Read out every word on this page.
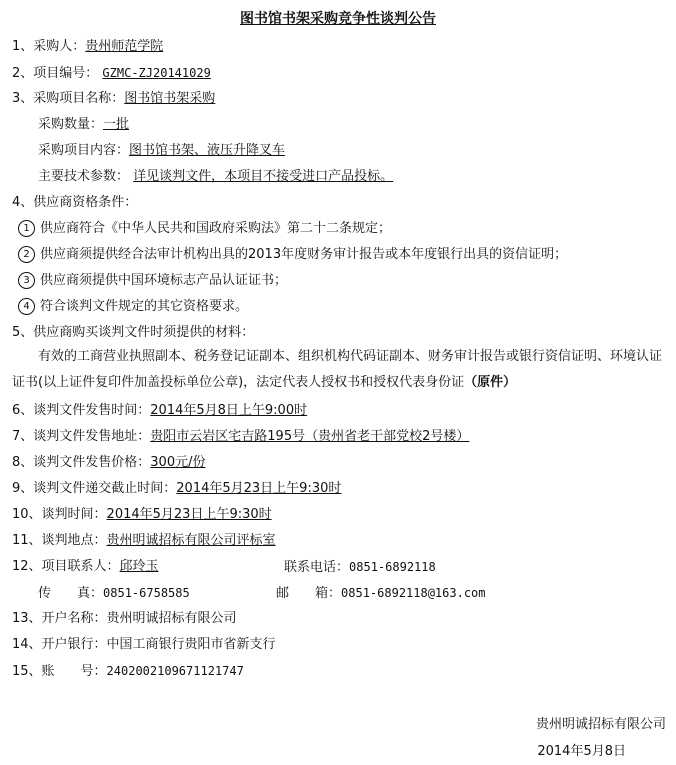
图书馆书架采购竞争性谈判公告
1、采购人：贵州师范学院
2、项目编号： GZMC-ZJ20141029
3、采购项目名称：图书馆书架采购
采购数量：一批
采购项目内容：图书馆书架、液压升降叉车
主要技术参数： 详见谈判文件，本项目不接受进口产品投标。
4、供应商资格条件：
1 供应商符合《中华人民共和国政府采购法》第二十二条规定；
2 供应商须提供经合法审计机构出具的2013年度财务审计报告或本年度银行出具的资信证明；
3 供应商须提供中国环境标志产品认证证书；
4 符合谈判文件规定的其它资格要求。
5、供应商购买谈判文件时须提供的材料：
有效的工商营业执照副本、税务登记证副本、组织机构代码证副本、财务审计报告或银行资信证明、环境认证证书(以上证件复印件加盖投标单位公章)，法定代表人授权书和授权代表身份证（原件）
6、谈判文件发售时间：2014年5月8日上午9:00时
7、谈判文件发售地址：贵阳市云岩区宅吉路195号（贵州省老干部党校2号楼）
8、谈判文件发售价格：300元/份
9、谈判文件递交截止时间：2014年5月23日上午9:30时
10、谈判时间：2014年5月23日上午9:30时
11、谈判地点：贵州明诚招标有限公司评标室
12、项目联系人：邱玲玉	联系电话：0851-6892118
传　　真：0851-6758585	邮　　箱：0851-6892118@163.com
13、开户名称：贵州明诚招标有限公司
14、开户银行：中国工商银行贵阳市省新支行
15、账　　号：2402002109671121747
贵州明诚招标有限公司
2014年5月8日
